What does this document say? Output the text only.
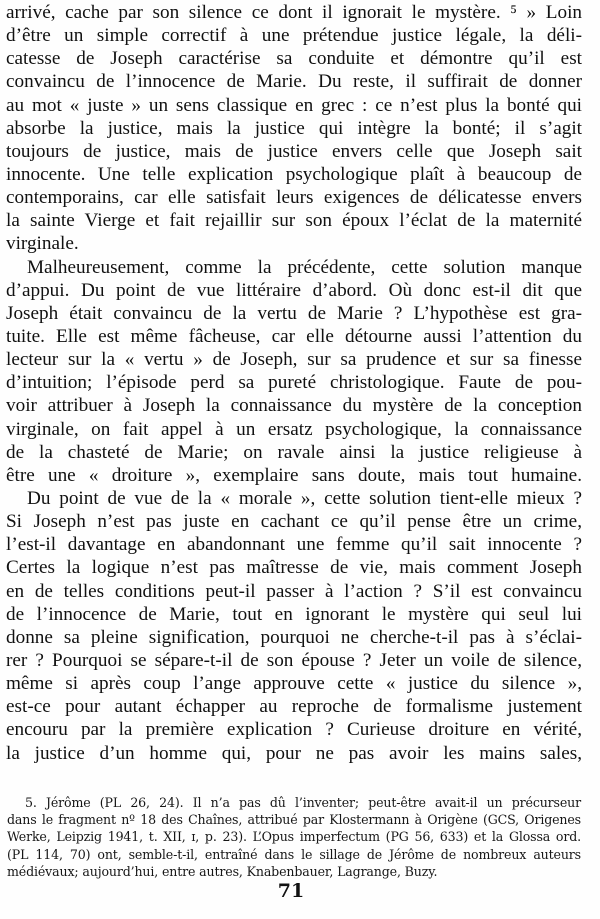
arrivé, cache par son silence ce dont il ignorait le mystère. ⁵ » Loin
d’être un simple correctif à une prétendue justice légale, la déli-
catesse de Joseph caractérise sa conduite et démontre qu’il est
convaincu de l’innocence de Marie. Du reste, il suffirait de donner
au mot « juste » un sens classique en grec : ce n’est plus la bonté qui
absorbe la justice, mais la justice qui intègre la bonté; il s’agit
toujours de justice, mais de justice envers celle que Joseph sait
innocente. Une telle explication psychologique plaît à beaucoup de
contemporains, car elle satisfait leurs exigences de délicatesse envers
la sainte Vierge et fait rejaillir sur son époux l’éclat de la maternité
virginale.
Malheureusement, comme la précédente, cette solution manque
d’appui. Du point de vue littéraire d’abord. Où donc est-il dit que
Joseph était convaincu de la vertu de Marie ? L’hypothèse est gra-
tuite. Elle est même fâcheuse, car elle détourne aussi l’attention du
lecteur sur la « vertu » de Joseph, sur sa prudence et sur sa finesse
d’intuition; l’épisode perd sa pureté christologique. Faute de pou-
voir attribuer à Joseph la connaissance du mystère de la conception
virginale, on fait appel à un ersatz psychologique, la connaissance
de la chasteté de Marie; on ravale ainsi la justice religieuse à
être une « droiture », exemplaire sans doute, mais tout humaine.
Du point de vue de la « morale », cette solution tient-elle mieux ?
Si Joseph n’est pas juste en cachant ce qu’il pense être un crime,
l’est-il davantage en abandonnant une femme qu’il sait innocente ?
Certes la logique n’est pas maîtresse de vie, mais comment Joseph
en de telles conditions peut-il passer à l’action ? S’il est convaincu
de l’innocence de Marie, tout en ignorant le mystère qui seul lui
donne sa pleine signification, pourquoi ne cherche-t-il pas à s’éclai-
rer ? Pourquoi se sépare-t-il de son épouse ? Jeter un voile de silence,
même si après coup l’ange approuve cette « justice du silence »,
est-ce pour autant échapper au reproche de formalisme justement
encouru par la première explication ? Curieuse droiture en vérité,
la justice d’un homme qui, pour ne pas avoir les mains sales,
5. Jérôme (PL 26, 24). Il n’a pas dû l’inventer; peut-être avait-il un précurseur
dans le fragment nº 18 des Chaînes, attribué par Klostermann à Origène (GCS, Origenes
Werke, Leipzig 1941, t. XII, ɪ, p. 23). L’Opus imperfectum (PG 56, 633) et la Glossa ord.
(PL 114, 70) ont, semble-t-il, entraîné dans le sillage de Jérôme de nombreux auteurs
médiévaux; aujourd’hui, entre autres, Knabenbauer, Lagrange, Buzy.
71
